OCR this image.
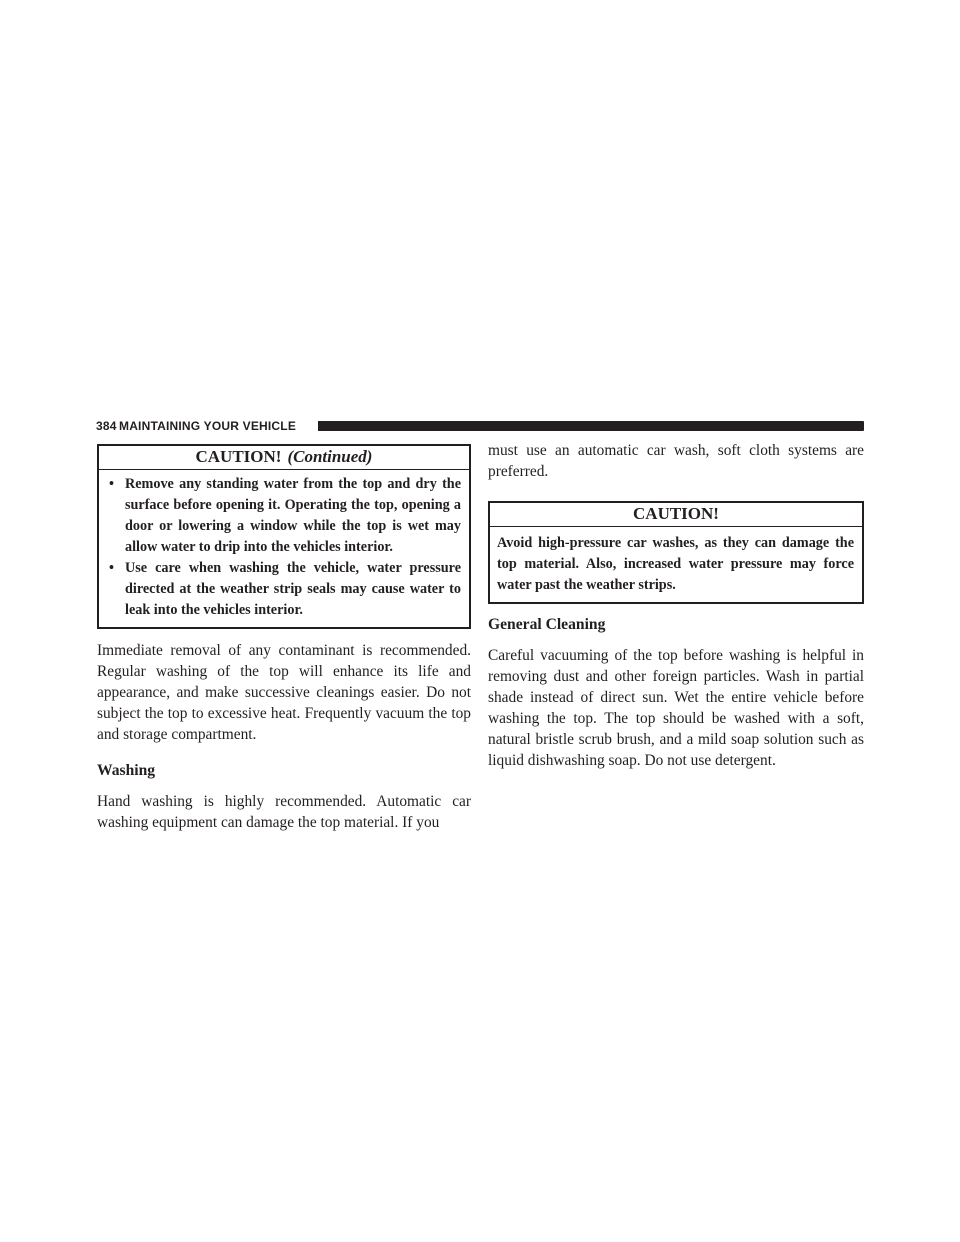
384 MAINTAINING YOUR VEHICLE
CAUTION! (Continued)
• Remove any standing water from the top and dry the surface before opening it. Operating the top, opening a door or lowering a window while the top is wet may allow water to drip into the vehicles interior.
• Use care when washing the vehicle, water pressure directed at the weather strip seals may cause water to leak into the vehicles interior.

Immediate removal of any contaminant is recommended. Regular washing of the top will enhance its life and appearance, and make successive cleanings easier. Do not subject the top to excessive heat. Frequently vacuum the top and storage compartment.

Washing

Hand washing is highly recommended. Automatic car washing equipment can damage the top material. If you

must use an automatic car wash, soft cloth systems are preferred.

CAUTION!
Avoid high-pressure car washes, as they can damage the top material. Also, increased water pressure may force water past the weather strips.
General Cleaning

Careful vacuuming of the top before washing is helpful in removing dust and other foreign particles. Wash in partial shade instead of direct sun. Wet the entire vehicle before washing the top. The top should be washed with a soft, natural bristle scrub brush, and a mild soap solution such as liquid dishwashing soap. Do not use detergent.
